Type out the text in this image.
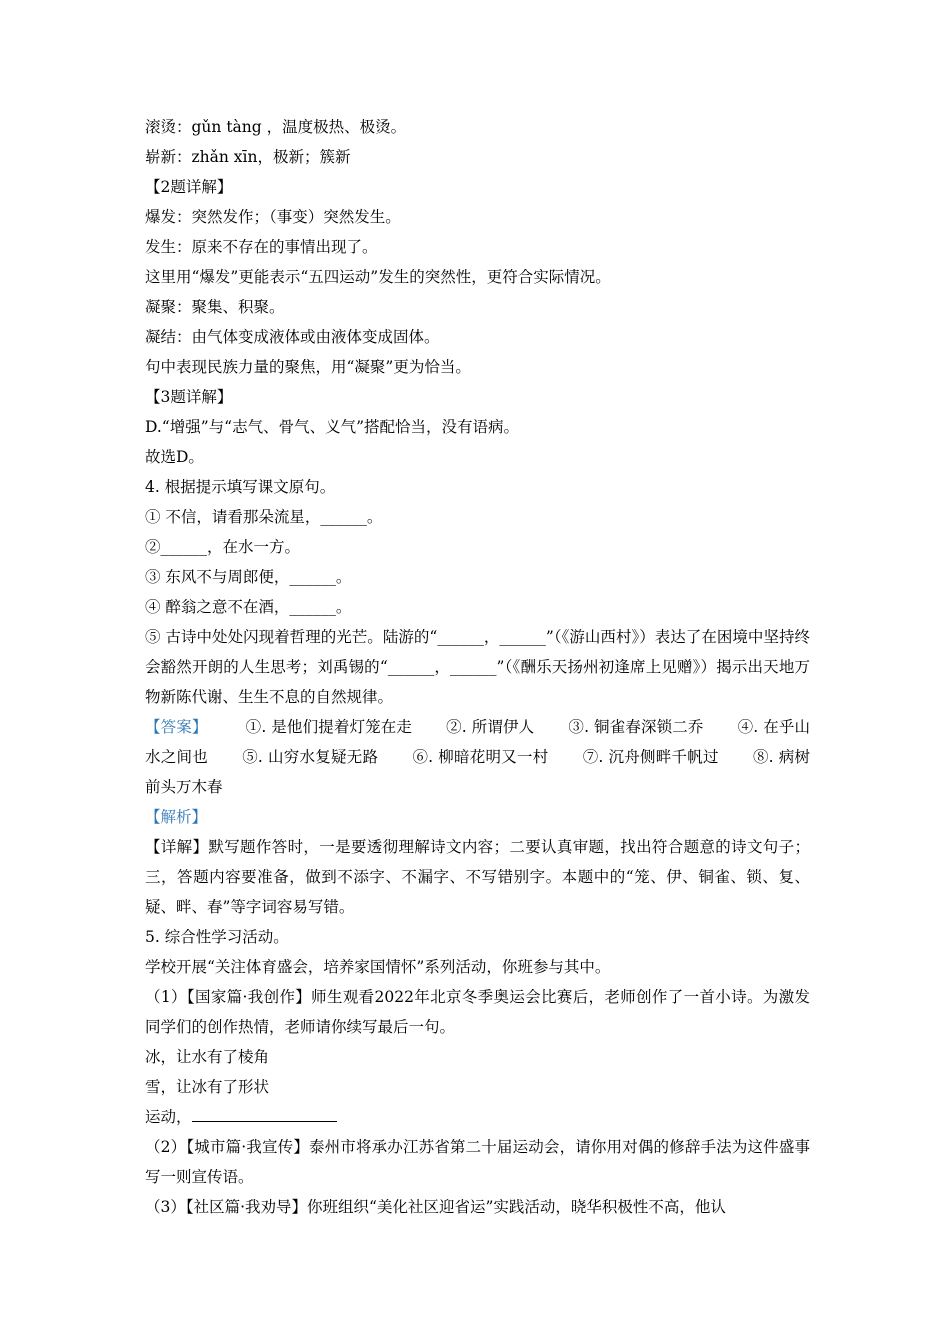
滚烫：gǔn tàng ，温度极热、极烫。
崭新：zhǎn xīn，极新；簇新
【2题详解】
爆发：突然发作；（事变）突然发生。
发生：原来不存在的事情出现了。
这里用“爆发”更能表示“五四运动”发生的突然性，更符合实际情况。
凝聚：聚集、积聚。
凝结：由气体变成液体或由液体变成固体。
句中表现民族力量的聚焦，用“凝聚”更为恰当。
【3题详解】
D.“增强”与“志气、骨气、义气”搭配恰当，没有语病。
故选D。
4. 根据提示填写课文原句。
① 不信，请看那朵流星，______。
②______，在水一方。
③ 东风不与周郎便，______。
④ 醉翁之意不在酒，______。
⑤ 古诗中处处闪现着哲理的光芒。陆游的“______，______”（《游山西村》）表达了在困境中坚持终会豁然开朗的人生思考；刘禹锡的“______，______”（《酬乐天扬州初逢席上见赠》）揭示出天地万物新陈代谢、生生不息的自然规律。
【答案】 ①. 是他们提着灯笼在走 ②. 所谓伊人 ③. 铜雀春深锁二乔 ④. 在乎山水之间也 ⑤. 山穷水复疑无路 ⑥. 柳暗花明又一村 ⑦. 沉舟侧畔千帆过 ⑧. 病树前头万木春
【解析】
【详解】默写题作答时，一是要透彻理解诗文内容；二要认真审题，找出符合题意的诗文句子；三，答题内容要准备，做到不添字、不漏字、不写错别字。本题中的“笼、伊、铜雀、锁、复、疑、畔、春”等字词容易写错。
5. 综合性学习活动。
学校开展“关注体育盛会，培养家国情怀”系列活动，你班参与其中。
（1）【国家篇·我创作】师生观看2022年北京冬季奥运会比赛后，老师创作了一首小诗。为激发同学们的创作热情，老师请你续写最后一句。
冰，让水有了棱角
雪，让冰有了形状
运动，
（2）【城市篇·我宣传】泰州市将承办江苏省第二十届运动会，请你用对偶的修辞手法为这件盛事写一则宣传语。
（3）【社区篇·我劝导】你班组织“美化社区迎省运”实践活动，晓华积极性不高，他认
